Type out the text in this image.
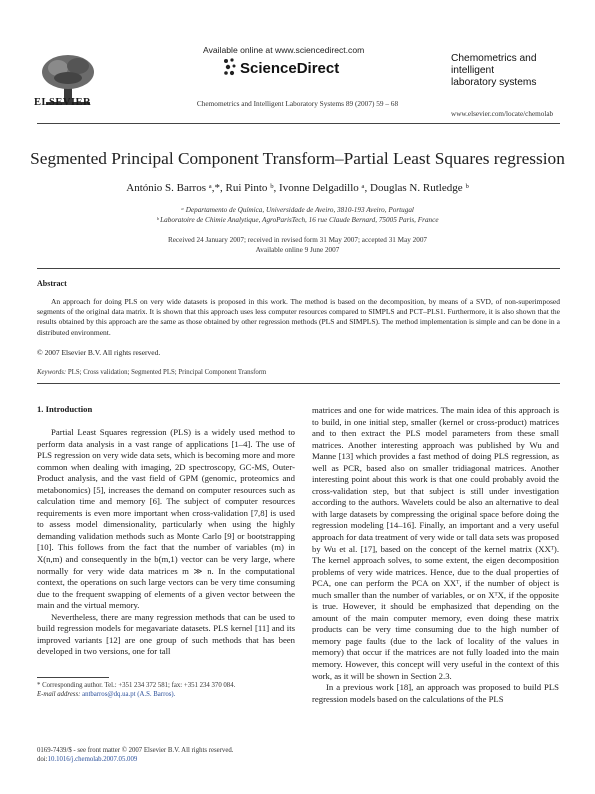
ELSEVIER
Available online at www.sciencedirect.com
ScienceDirect
Chemometrics and Intelligent Laboratory Systems 89 (2007) 59 – 68
Chemometrics and
intelligent
laboratory systems
www.elsevier.com/locate/chemolab
Segmented Principal Component Transform–Partial Least Squares regression
António S. Barros ᵃ,*, Rui Pinto ᵇ, Ivonne Delgadillo ᵃ, Douglas N. Rutledge ᵇ
ᵃ Departamento de Química, Universidade de Aveiro, 3810-193 Aveiro, Portugal
ᵇ Laboratoire de Chimie Analytique, AgroParisTech, 16 rue Claude Bernard, 75005 Paris, France
Received 24 January 2007; received in revised form 31 May 2007; accepted 31 May 2007
Available online 9 June 2007
Abstract
An approach for doing PLS on very wide datasets is proposed in this work. The method is based on the decomposition, by means of a SVD, of non-superimposed segments of the original data matrix. It is shown that this approach uses less computer resources compared to SIMPLS and PCT–PLS1. Furthermore, it is also shown that the results obtained by this approach are the same as those obtained by other regression methods (PLS and SIMPLS). The method implementation is simple and can be done in a distributed environment.
© 2007 Elsevier B.V. All rights reserved.
Keywords: PLS; Cross validation; Segmented PLS; Principal Component Transform
1. Introduction

Partial Least Squares regression (PLS) is a widely used method to perform data analysis in a vast range of applications [1–4]. The use of PLS regression on very wide data sets, which is becoming more and more common when dealing with imaging, 2D spectroscopy, GC-MS, Outer-Product analysis, and the vast field of GPM (genomic, proteomics and metabonomics) [5], increases the demand on computer resources such as calculation time and memory [6]. The subject of computer resources requirements is even more important when cross-validation [7,8] is used to assess model dimensionality, particularly when using the highly demanding validation methods such as Monte Carlo [9] or bootstrapping [10]. This follows from the fact that the number of variables (m) in X(n,m) and consequently in the b(m,1) vector can be very large, where normally for very wide data matrices m ≫ n. In the computational context, the operations on such large vectors can be very time consuming due to the frequent swapping of elements of a given vector between the main and the virtual memory.

Nevertheless, there are many regression methods that can be used to build regression models for megavariate datasets. PLS kernel [11] and its improved variants [12] are one group of such methods that has been developed in two versions, one for tall

matrices and one for wide matrices. The main idea of this approach is to build, in one initial step, smaller (kernel or cross-product) matrices and to then extract the PLS model parameters from these small matrices. Another interesting approach was published by Wu and Manne [13] which provides a fast method of doing PLS regression, as well as PCR, based also on smaller tridiagonal matrices. Another interesting point about this work is that one could probably avoid the cross-validation step, but that subject is still under investigation according to the authors. Wavelets could be also an alternative to deal with large datasets by compressing the original space before doing the regression modeling [14–16]. Finally, an important and a very useful approach for data treatment of very wide or tall data sets was proposed by Wu et al. [17], based on the concept of the kernel matrix (XXᵀ). The kernel approach solves, to some extent, the eigen decomposition problems of very wide matrices. Hence, due to the dual properties of PCA, one can perform the PCA on XXᵀ, if the number of object is much smaller than the number of variables, or on XᵀX, if the opposite is true. However, it should be emphasized that depending on the amount of the main computer memory, even doing these matrix products can be very time consuming due to the high number of memory page faults (due to the lack of locality of the values in memory) that occur if the matrices are not fully loaded into the main memory. However, this concept will very useful in the context of this work, as it will be shown in Section 2.3.

In a previous work [18], an approach was proposed to build PLS regression models based on the calculations of the PLS

* Corresponding author. Tel.: +351 234 372 581; fax: +351 234 370 084.
E-mail address: antbarros@dq.ua.pt (A.S. Barros).
0169-7439/$ - see front matter © 2007 Elsevier B.V. All rights reserved.
doi:10.1016/j.chemolab.2007.05.009
